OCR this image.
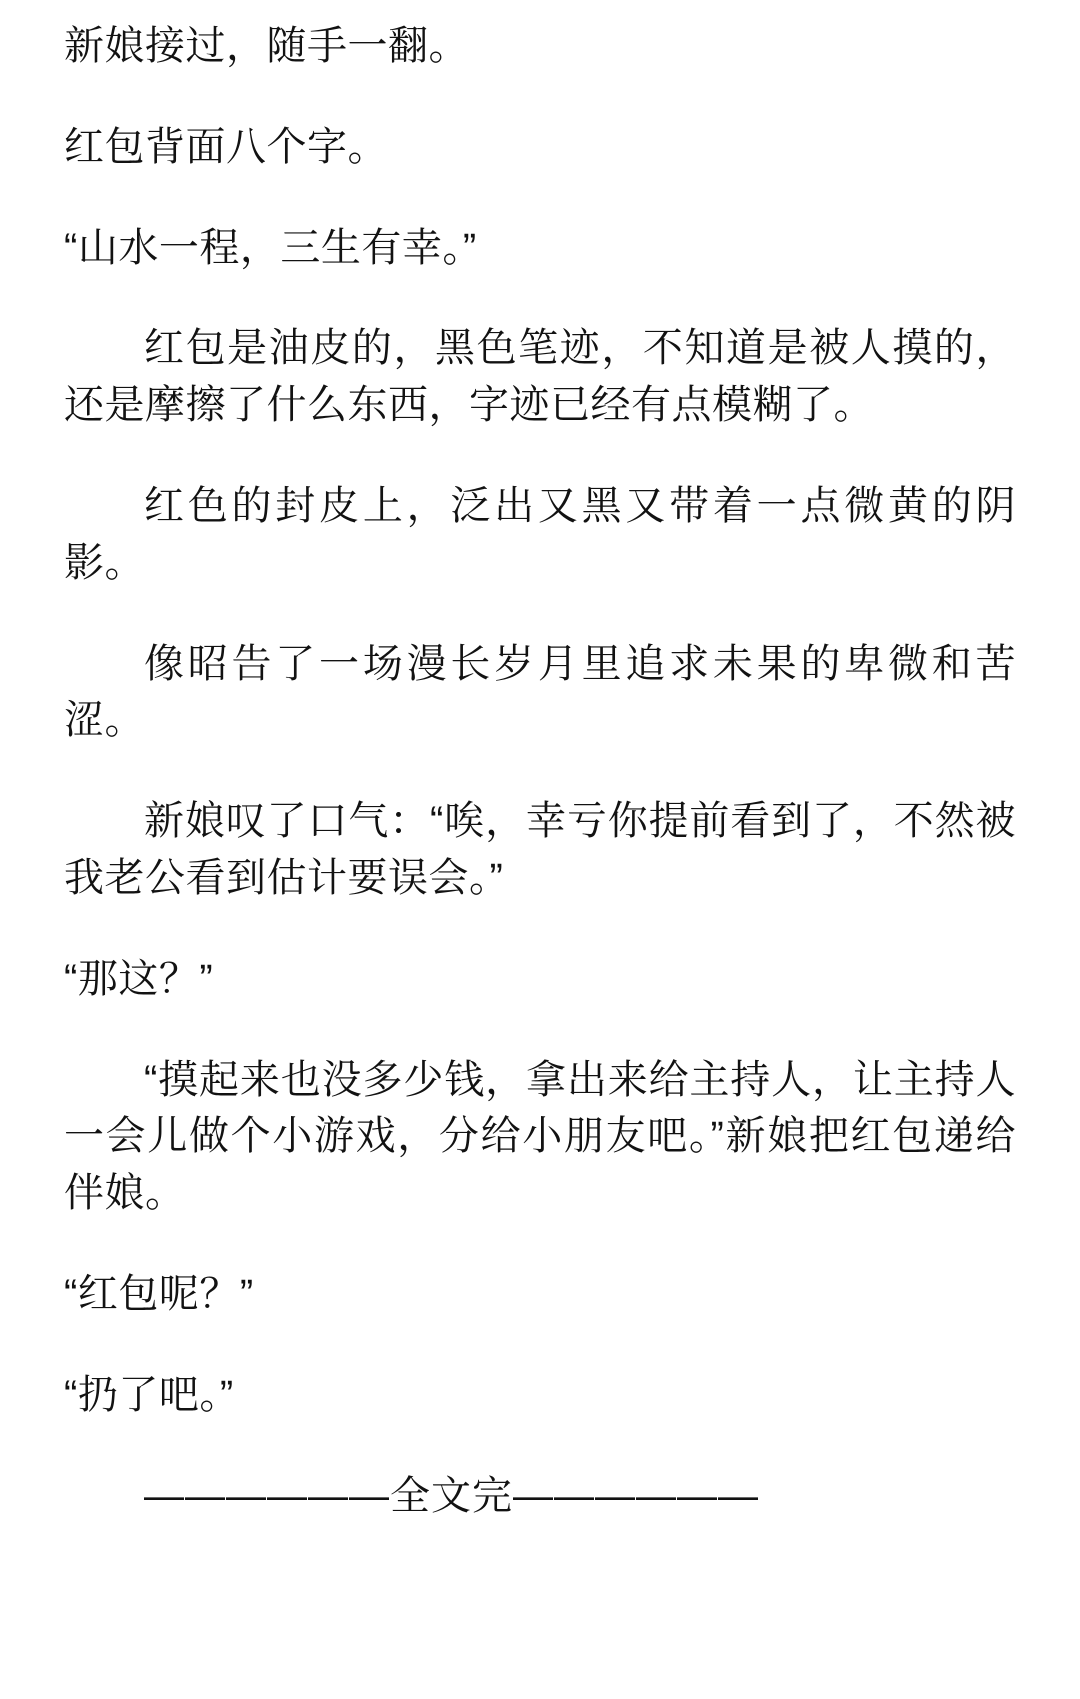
新娘接过，随手一翻。

红包背面八个字。

“山水一程，三生有幸。”

红包是油皮的，黑色笔迹，不知道是被人摸的，还是摩擦了什么东西，字迹已经有点模糊了。

红色的封皮上，泛出又黑又带着一点微黄的阴影。

像昭告了一场漫长岁月里追求未果的卑微和苦涩。

新娘叹了口气：“唉，幸亏你提前看到了，不然被我老公看到估计要误会。”

“那这？”

“摸起来也没多少钱，拿出来给主持人，让主持人一会儿做个小游戏，分给小朋友吧。”新娘把红包递给伴娘。

“红包呢？”

“扔了吧。”

——————全文完——————
